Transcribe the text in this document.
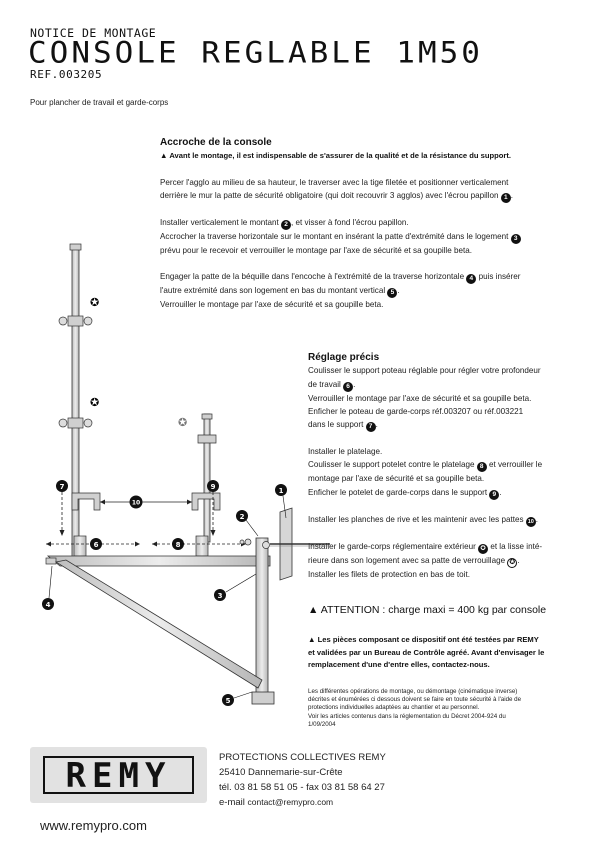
NOTICE DE MONTAGE
CONSOLE REGLABLE 1M50
REF.003205
Pour plancher de travail et garde-corps

Accroche de la console

▲ Avant le montage, il est indispensable de s'assurer de la qualité et de la résistance du support.

Percer l'agglo au milieu de sa hauteur, le traverser avec la tige filetée et positionner verticalement

derrière le mur la patte de sécurité obligatoire (qui doit recouvrir 3 agglos) avec l'écrou papillon 1 .

Installer verticalement le montant 2 , et visser à fond l'écrou papillon.

Accrocher la traverse horizontale sur le montant en insérant la patte d'extrémité dans le logement 3

prévu pour le recevoir et verrouiller le montage par l'axe de sécurité et sa goupille beta.

Engager la patte de la béquille dans l'encoche à l'extrémité de la traverse horizontale 4 puis insérer

l'autre extrémité dans son logement en bas du montant vertical 5 .

Verrouiller le montage par l'axe de sécurité et sa goupille beta.

Réglage précis

Coulisser le support poteau réglable pour régler votre profondeur

de travail 6 .

Verrouiller le montage par l'axe de sécurité et sa goupille beta.

Enficher le poteau de garde-corps réf.003207 ou réf.003221

dans le support 7 .

Installer le platelage.

Coulisser le support potelet contre le platelage 8 et verrouiller le

montage par l'axe de sécurité et sa goupille beta.

Enficher le potelet de garde-corps dans le support 9 .

Installer les planches de rive et les maintenir avec les pattes 10 .

Installer le garde-corps réglementaire extérieur ✪ et la lisse inté-

rieure dans son logement avec sa patte de verrouillage ✪ .

Installer les filets de protection en bas de toit.

▲ ATTENTION : charge maxi = 400 kg par console

▲ Les pièces composant ce dispositif ont été testées par REMY

et validées par un Bureau de Contrôle agréé. Avant d'envisager le

remplacement d'une d'entre elles, contactez-nous.

Les différentes opérations de montage, ou démontage (cinématique inverse)

décrites et énumérées ci dessous doivent se faire en toute sécurité à l'aide de

protections individuelles adaptées au chantier et au personnel.

Voir les articles contenus dans la réglementation du Décret 2004-924 du

1/09/2004

✪
✪
✪
1
2
3
4
5
6
7
8
9
10
REMY	PROTECTIONS COLLECTIVES REMY

25410 Dannemarie-sur-Crête

tél. 03 81 58 51 05 - fax 03 81 58 64 27

e-mail contact@remypro.com

www.remypro.com
